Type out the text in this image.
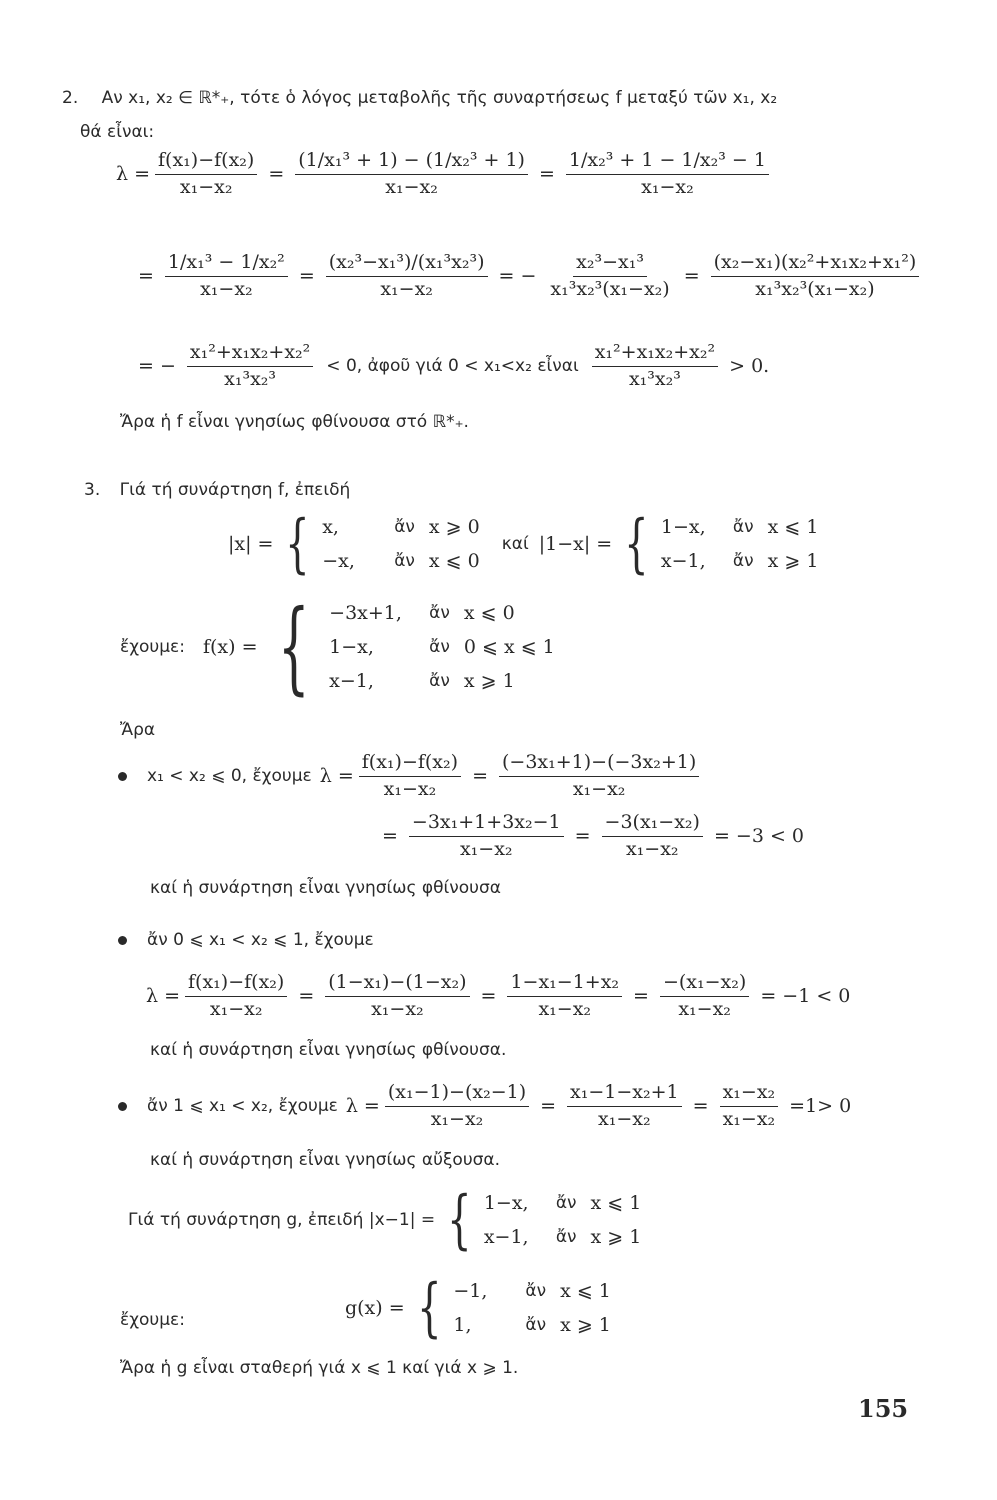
2. Αν x₁, x₂ ∈ ℝ*₊, τότε ὁ λόγος μεταβολῆς τῆς συναρτήσεως f μεταξύ τῶν x₁, x₂
θά εἶναι:
$\lambda = \frac{\text{f(x₁)−f(x₂)}}{\text{x₁−x₂}} = \frac{\text{(1/x₁³ + 1) − (1/x₂³ + 1)}}{\text{x₁−x₂}} = \frac{\text{1/x₂³ + 1 − 1/x₂³ − 1}}{\text{x₁−x₂}}$
= $\frac{\text{1/x₁³ − 1/x₂²}}{\text{x₁−x₂}} = \frac{\text{(x₂³−x₁³)/(x₁³x₂³)}}{\text{x₁−x₂}}$ = − $\frac{\text{x₂³−x₁³}}{\text{x₁³x₂³(x₁−x₂)}} = \frac{\text{(x₂−x₁)(x₂²+x₁x₂+x₁²)}}{\text{x₁³x₂³(x₁−x₂)}}$
= − $\frac{\text{x₁²+x₁x₂+x₂²}}{\text{x₁³x₂³}} < 0$, ἀφοῦ γιά 0 < x₁<x₂ εἶναι $\frac{\text{x₁²+x₁x₂+x₂²}}{\text{x₁³x₂³}} > 0$.
Ἄρα ἡ f εἶναι γνησίως φθίνουσα στό ℝ*₊.
3. Γιά τή συνάρτηση f, ἐπειδή
|x| = { x,	ἄν x ⩾ 0
−x,	ἄν x ⩽ 0
καί |1−x| = { 1−x,	ἄν x ⩽ 1
x−1,	ἄν x ⩾ 1
ἔχουμε: f(x) = { −3x+1,	ἄν x ⩽ 0
1−x,	ἄν 0 ⩽ x ⩽ 1
x−1,	ἄν x ⩾ 1
Ἄρα
x₁ < x₂ ⩽ 0, ἔχουμε $\lambda = \frac{\text{f(x₁)−f(x₂)}}{\text{x₁−x₂}} = \frac{\text{(−3x₁+1)−(−3x₂+1)}}{\text{x₁−x₂}}$
= $\frac{\text{−3x₁+1+3x₂−1}}{\text{x₁−x₂}} = \frac{\text{−3(x₁−x₂)}}{\text{x₁−x₂}} = -3 < 0$
καί ἡ συνάρτηση εἶναι γνησίως φθίνουσα
ἄν 0 ⩽ x₁ < x₂ ⩽ 1, ἔχουμε
$\lambda = \frac{\text{f(x₁)−f(x₂)}}{\text{x₁−x₂}} = \frac{\text{(1−x₁)−(1−x₂)}}{\text{x₁−x₂}} = \frac{\text{1−x₁−1+x₂}}{\text{x₁−x₂}} = \frac{\text{−(x₁−x₂)}}{\text{x₁−x₂}} = -1 < 0$
καί ἡ συνάρτηση εἶναι γνησίως φθίνουσα.
ἄν 1 ⩽ x₁ < x₂, ἔχουμε $\lambda = \frac{\text{(x₁−1)−(x₂−1)}}{\text{x₁−x₂}} = \frac{\text{x₁−1−x₂+1}}{\text{x₁−x₂}} = \frac{\text{x₁−x₂}}{\text{x₁−x₂}} =1> 0$
καί ἡ συνάρτηση εἶναι γνησίως αὔξουσα.
Γιά τή συνάρτηση g, ἐπειδή |x−1| = { 1−x,	ἄν x ⩽ 1
x−1,	ἄν x ⩾ 1
ἔχουμε:
g(x) = { −1,	ἄν x ⩽ 1
1,	ἄν x ⩾ 1
Ἄρα ἡ g εἶναι σταθερή γιά x ⩽ 1 καί γιά x ⩾ 1.
155
